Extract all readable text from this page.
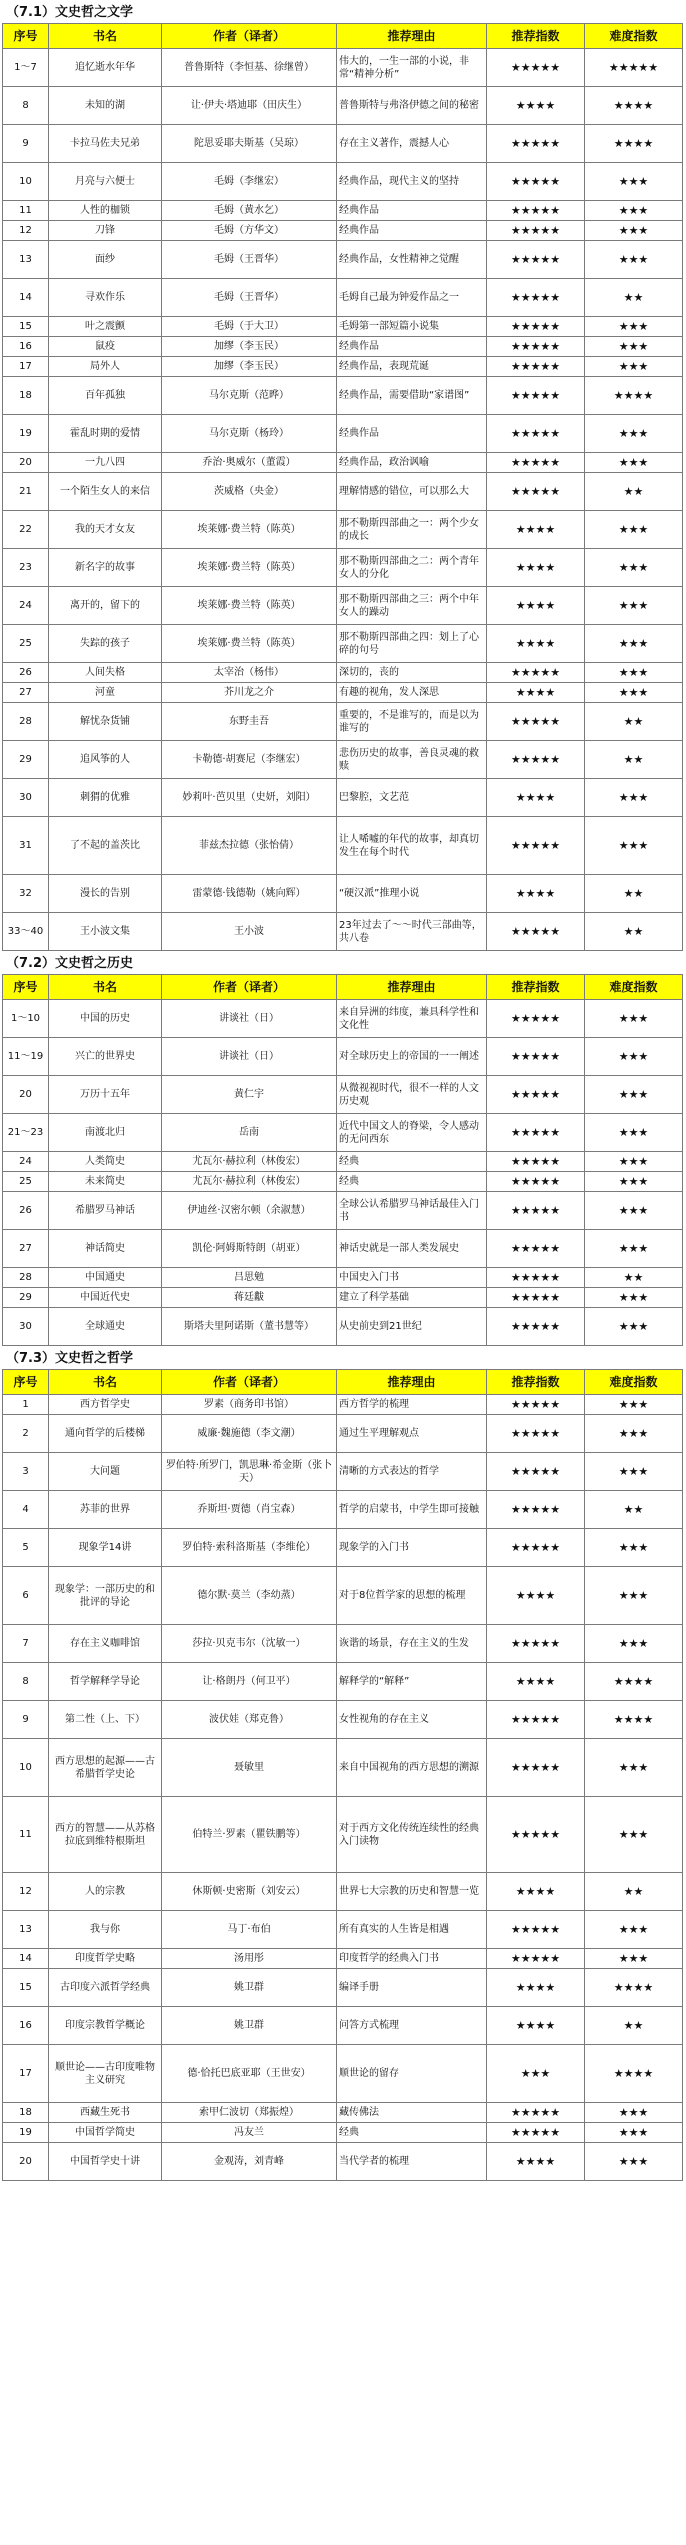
（7.1）文史哲之文学
序号	书名	作者（译者）	推荐理由	推荐指数	难度指数
1～7	追忆逝水年华	普鲁斯特（李恒基、徐继曾）	伟大的，一生一部的小说，非常“精神分析”	★★★★★	★★★★★
8	未知的湖	让·伊夫·塔迪耶（田庆生）	普鲁斯特与弗洛伊德之间的秘密	★★★★	★★★★
9	卡拉马佐夫兄弟	陀思妥耶夫斯基（吴琼）	存在主义著作，震撼人心	★★★★★	★★★★
10	月亮与六便士	毛姆（李继宏）	经典作品，现代主义的坚持	★★★★★	★★★
11	人性的枷锁	毛姆（黄水乞）	经典作品	★★★★★	★★★
12	刀锋	毛姆（方华文）	经典作品	★★★★★	★★★
13	面纱	毛姆（王晋华）	经典作品，女性精神之觉醒	★★★★★	★★★
14	寻欢作乐	毛姆（王晋华）	毛姆自己最为钟爱作品之一	★★★★★	★★
15	叶之震颤	毛姆（于大卫）	毛姆第一部短篇小说集	★★★★★	★★★
16	鼠疫	加缪（李玉民）	经典作品	★★★★★	★★★
17	局外人	加缪（李玉民）	经典作品，表现荒诞	★★★★★	★★★
18	百年孤独	马尔克斯（范晔）	经典作品，需要借助“家谱图”	★★★★★	★★★★
19	霍乱时期的爱情	马尔克斯（杨玲）	经典作品	★★★★★	★★★
20	一九八四	乔治·奥威尔（董霞）	经典作品，政治讽喻	★★★★★	★★★
21	一个陌生女人的来信	茨威格（央金）	理解情感的错位，可以那么大	★★★★★	★★
22	我的天才女友	埃莱娜·费兰特（陈英）	那不勒斯四部曲之一：两个少女的成长	★★★★	★★★
23	新名字的故事	埃莱娜·费兰特（陈英）	那不勒斯四部曲之二：两个青年女人的分化	★★★★	★★★
24	离开的，留下的	埃莱娜·费兰特（陈英）	那不勒斯四部曲之三：两个中年女人的躁动	★★★★	★★★
25	失踪的孩子	埃莱娜·费兰特（陈英）	那不勒斯四部曲之四：划上了心碎的句号	★★★★	★★★
26	人间失格	太宰治（杨伟）	深切的，丧的	★★★★★	★★★
27	河童	芥川龙之介	有趣的视角，发人深思	★★★★	★★★
28	解忧杂货铺	东野圭吾	重要的，不是谁写的，而是以为谁写的	★★★★★	★★
29	追风筝的人	卡勒德·胡赛尼（李继宏）	悲伤历史的故事，善良灵魂的救赎	★★★★★	★★
30	刺猬的优雅	妙莉叶·芭贝里（史妍，刘阳）	巴黎腔，文艺范	★★★★	★★★
31	了不起的盖茨比	菲兹杰拉德（张怡倩）	让人唏嘘的年代的故事，却真切发生在每个时代	★★★★★	★★★
32	漫长的告别	雷蒙德·钱德勒（姚向辉）	“硬汉派”推理小说	★★★★	★★
33～40	王小波文集	王小波	23年过去了～～时代三部曲等，共八卷	★★★★★	★★
（7.2）文史哲之历史
序号	书名	作者（译者）	推荐理由	推荐指数	难度指数
1～10	中国的历史	讲谈社（日）	来自异洲的纬度，兼具科学性和文化性	★★★★★	★★★
11～19	兴亡的世界史	讲谈社（日）	对全球历史上的帝国的一一阐述	★★★★★	★★★
20	万历十五年	黄仁宇	从微视视时代，很不一样的人文历史观	★★★★★	★★★
21～23	南渡北归	岳南	近代中国文人的脊梁，令人感动的无问西东	★★★★★	★★★
24	人类简史	尤瓦尔·赫拉利（林俊宏）	经典	★★★★★	★★★
25	未来简史	尤瓦尔·赫拉利（林俊宏）	经典	★★★★★	★★★
26	希腊罗马神话	伊迪丝·汉密尔顿（余淑慧）	全球公认希腊罗马神话最佳入门书	★★★★★	★★★
27	神话简史	凯伦·阿姆斯特朗（胡亚）	神话史就是一部人类发展史	★★★★★	★★★
28	中国通史	吕思勉	中国史入门书	★★★★★	★★
29	中国近代史	蒋廷黻	建立了科学基础	★★★★★	★★★
30	全球通史	斯塔夫里阿诺斯（董书慧等）	从史前史到21世纪	★★★★★	★★★
（7.3）文史哲之哲学
序号	书名	作者（译者）	推荐理由	推荐指数	难度指数
1	西方哲学史	罗素（商务印书馆）	西方哲学的梳理	★★★★★	★★★
2	通向哲学的后楼梯	威廉·魏施德（李文潮）	通过生平理解观点	★★★★★	★★★
3	大问题	罗伯特·所罗门，凯思琳·希金斯（张卜天）	清晰的方式表达的哲学	★★★★★	★★★
4	苏菲的世界	乔斯坦·贾德（肖宝森）	哲学的启蒙书，中学生即可接触	★★★★★	★★
5	现象学14讲	罗伯特·索科洛斯基（李维伦）	现象学的入门书	★★★★★	★★★
6	现象学：一部历史的和批评的导论	德尔默·莫兰（李幼蒸）	对于8位哲学家的思想的梳理	★★★★	★★★
7	存在主义咖啡馆	莎拉·贝克韦尔（沈敏一）	诙谐的场景，存在主义的生发	★★★★★	★★★
8	哲学解释学导论	让·格朗丹（何卫平）	解释学的“解释”	★★★★	★★★★
9	第二性（上、下）	波伏娃（郑克鲁）	女性视角的存在主义	★★★★★	★★★★
10	西方思想的起源——古希腊哲学史论	聂敏里	来自中国视角的西方思想的溯源	★★★★★	★★★
11	西方的智慧——从苏格拉底到维特根斯坦	伯特兰·罗素（瞿铁鹏等）	对于西方文化传统连续性的经典入门读物	★★★★★	★★★
12	人的宗教	休斯顿·史密斯（刘安云）	世界七大宗教的历史和智慧一览	★★★★	★★
13	我与你	马丁·布伯	所有真实的人生皆是相遇	★★★★★	★★★
14	印度哲学史略	汤用彤	印度哲学的经典入门书	★★★★★	★★★
15	古印度六派哲学经典	姚卫群	编译手册	★★★★	★★★★
16	印度宗教哲学概论	姚卫群	问答方式梳理	★★★★	★★
17	顺世论——古印度唯物主义研究	德·恰托巴底亚耶（王世安）	顺世论的留存	★★★	★★★★
18	西藏生死书	索甲仁波切（郑振煌）	藏传佛法	★★★★★	★★★
19	中国哲学简史	冯友兰	经典	★★★★★	★★★
20	中国哲学史十讲	金观涛，刘青峰	当代学者的梳理	★★★★	★★★
